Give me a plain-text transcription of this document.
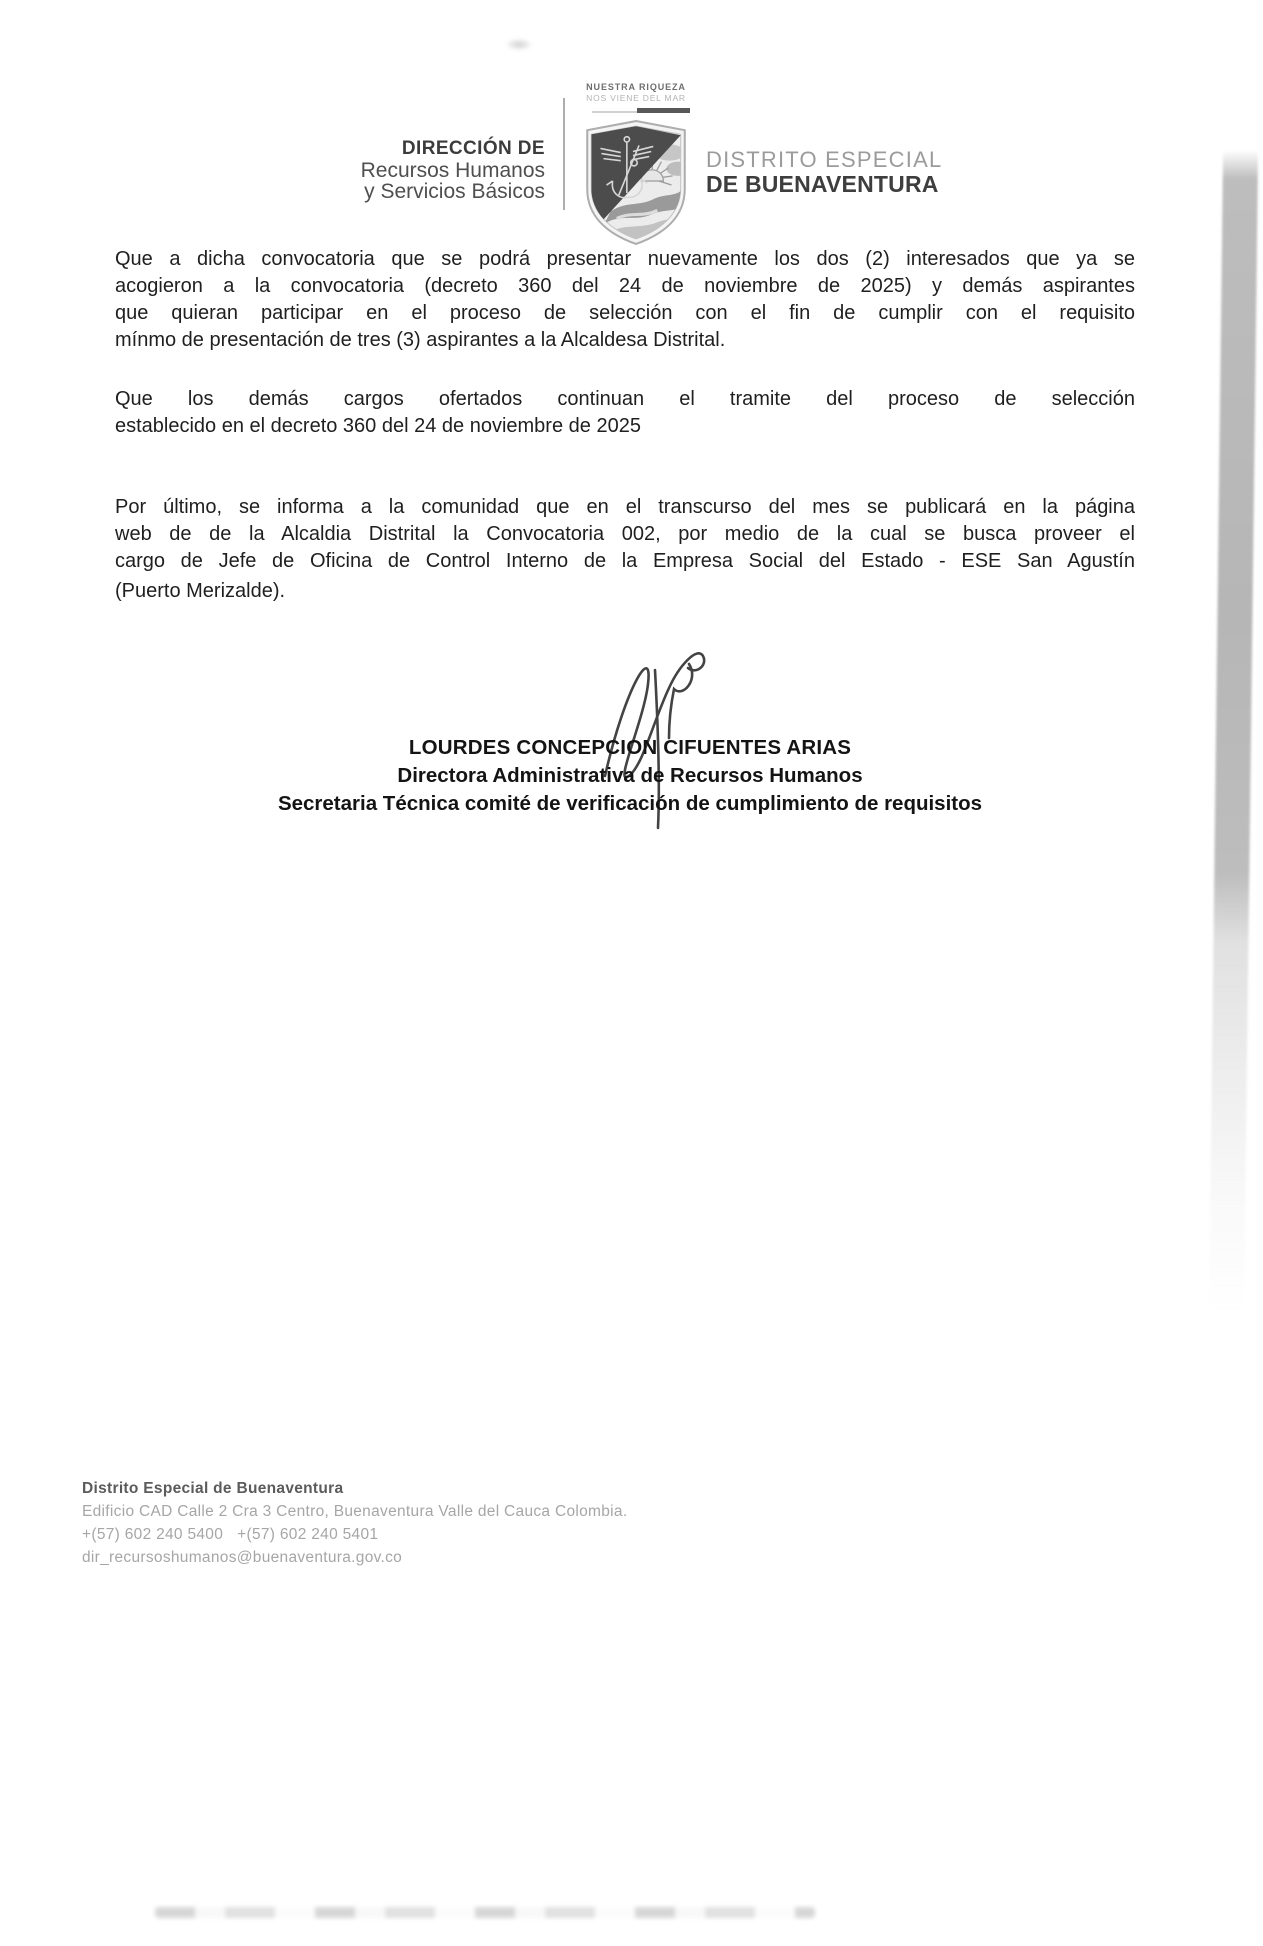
DIRECCIÓN DE
Recursos Humanos
y Servicios Básicos
NUESTRA RIQUEZA
NOS VIENE DEL MAR
DISTRITO ESPECIAL
DE BUENAVENTURA

Que a dicha convocatoria que se podrá presentar nuevamente los dos (2) interesados que ya se
acogieron a la convocatoria (decreto 360 del 24 de noviembre de 2025) y demás aspirantes
que quieran participar en el proceso de selección con el fin de cumplir con el requisito
mínmo de presentación de tres (3) aspirantes a la Alcaldesa Distrital.

Que los demás cargos ofertados continuan el tramite del proceso de selección
establecido en el decreto 360 del 24 de noviembre de 2025

Por último, se informa a la comunidad que en el transcurso del mes se publicará en la página
web de de la Alcaldia Distrital la Convocatoria 002, por medio de la cual se busca proveer el
cargo de Jefe de Oficina de Control Interno de la Empresa Social del Estado - ESE San Agustín
(Puerto Merizalde).

LOURDES CONCEPCION CIFUENTES ARIAS
Directora Administrativa de Recursos Humanos
Secretaria Técnica comité de verificación de cumplimiento de requisitos
Distrito Especial de Buenaventura
Edificio CAD Calle 2 Cra 3 Centro, Buenaventura Valle del Cauca Colombia.
+(57) 602 240 5400 +(57) 602 240 5401
dir_recursoshumanos@buenaventura.gov.co
